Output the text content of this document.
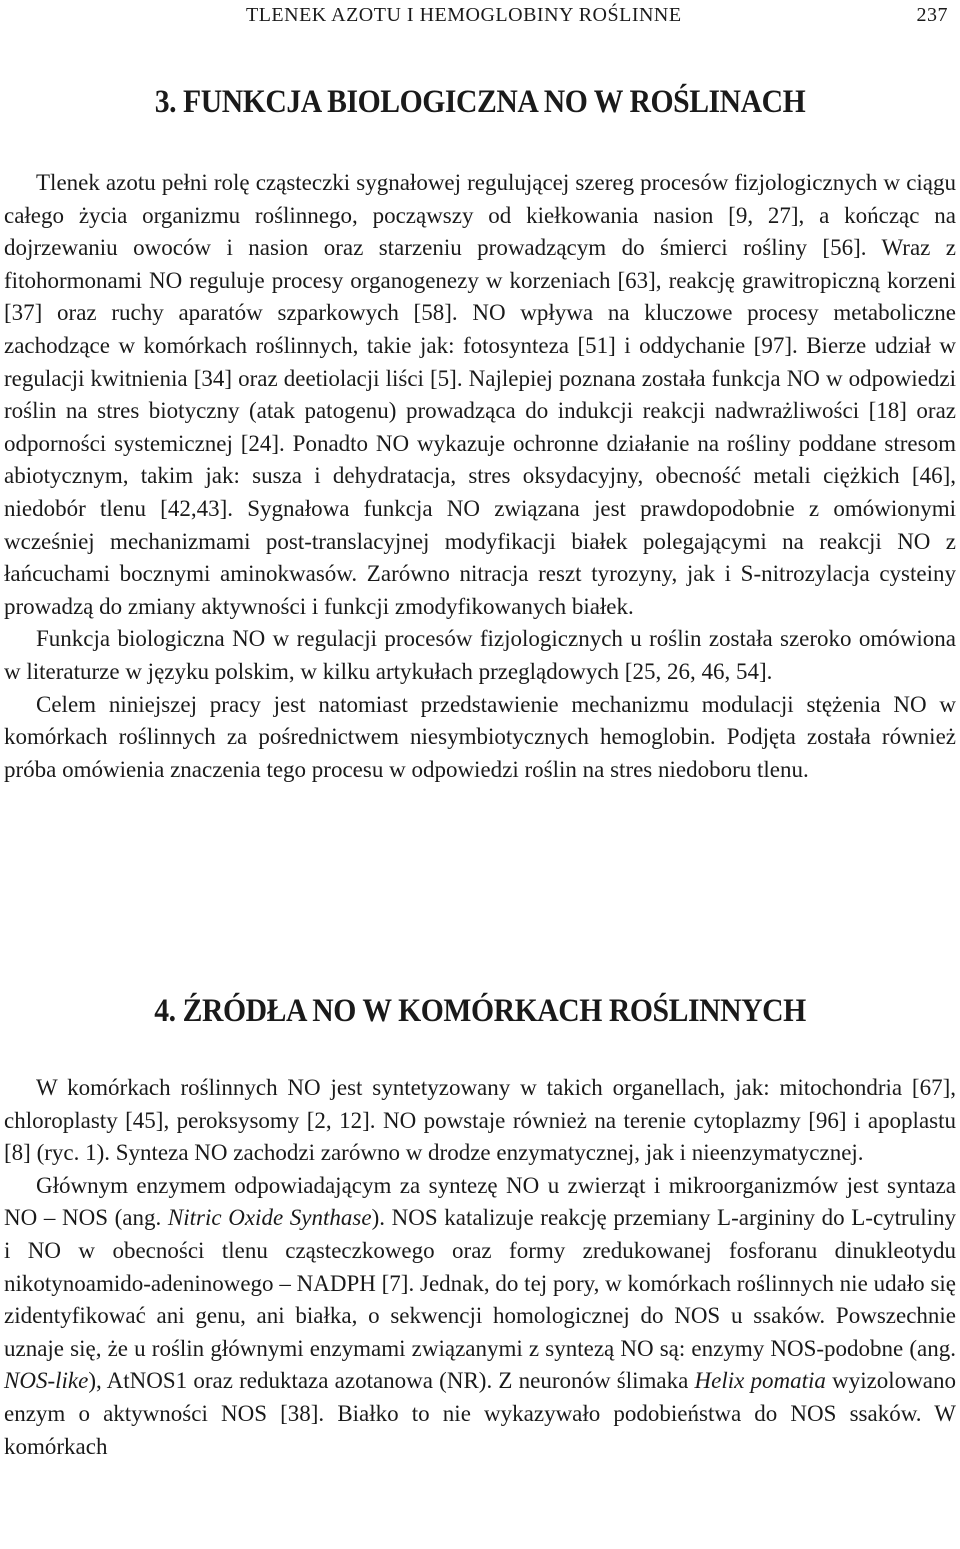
TLENEK AZOTU I HEMOGLOBINY ROŚLINNE	237
3. FUNKCJA BIOLOGICZNA NO W ROŚLINACH

Tlenek azotu pełni rolę cząsteczki sygnałowej regulującej szereg procesów fizjologicznych w ciągu całego życia organizmu roślinnego, począwszy od kiełkowania nasion [9, 27], a kończąc na dojrzewaniu owoców i nasion oraz starzeniu prowadzącym do śmierci rośliny [56]. Wraz z fitohormonami NO reguluje procesy organogenezy w korzeniach [63], reakcję grawitropiczną korzeni [37] oraz ruchy aparatów szparkowych [58]. NO wpływa na kluczowe procesy metaboliczne zachodzące w komórkach roślinnych, takie jak: fotosynteza [51] i oddychanie [97]. Bierze udział w regulacji kwitnienia [34] oraz deetiolacji liści [5]. Najlepiej poznana została funkcja NO w odpowiedzi roślin na stres biotyczny (atak patogenu) prowadząca do indukcji reakcji nadwrażliwości [18] oraz odporności systemicznej [24]. Ponadto NO wykazuje ochronne działanie na rośliny poddane stresom abiotycznym, takim jak: susza i dehydratacja, stres oksydacyjny, obecność metali ciężkich [46], niedobór tlenu [42,43]. Sygnałowa funkcja NO związana jest prawdopodobnie z omówionymi wcześniej mechanizmami post-translacyjnej modyfikacji białek polegającymi na reakcji NO z łańcuchami bocznymi aminokwasów. Zarówno nitracja reszt tyrozyny, jak i S-nitrozylacja cysteiny prowadzą do zmiany aktywności i funkcji zmodyfikowanych białek.

Funkcja biologiczna NO w regulacji procesów fizjologicznych u roślin została szeroko omówiona w literaturze w języku polskim, w kilku artykułach przeglądowych [25, 26, 46, 54].

Celem niniejszej pracy jest natomiast przedstawienie mechanizmu modulacji stężenia NO w komórkach roślinnych za pośrednictwem niesymbiotycznych hemoglobin. Podjęta została również próba omówienia znaczenia tego procesu w odpowiedzi roślin na stres niedoboru tlenu.

4. ŹRÓDŁA NO W KOMÓRKACH ROŚLINNYCH

W komórkach roślinnych NO jest syntetyzowany w takich organellach, jak: mitochondria [67], chloroplasty [45], peroksysomy [2, 12]. NO powstaje również na terenie cytoplazmy [96] i apoplastu [8] (ryc. 1). Synteza NO zachodzi zarówno w drodze enzymatycznej, jak i nieenzymatycznej.

Głównym enzymem odpowiadającym za syntezę NO u zwierząt i mikroorganizmów jest syntaza NO – NOS (ang. Nitric Oxide Synthase). NOS katalizuje reakcję przemiany L-argininy do L-cytruliny i NO w obecności tlenu cząsteczkowego oraz formy zredukowanej fosforanu dinukleotydu nikotynoamido-adeninowego – NADPH [7]. Jednak, do tej pory, w komórkach roślinnych nie udało się zidentyfikować ani genu, ani białka, o sekwencji homologicznej do NOS u ssaków. Powszechnie uznaje się, że u roślin głównymi enzymami związanymi z syntezą NO są: enzymy NOS-podobne (ang. NOS-like), AtNOS1 oraz reduktaza azotanowa (NR). Z neuronów ślimaka Helix pomatia wyizolowano enzym o aktywności NOS [38]. Białko to nie wykazywało podobieństwa do NOS ssaków. W komórkach
